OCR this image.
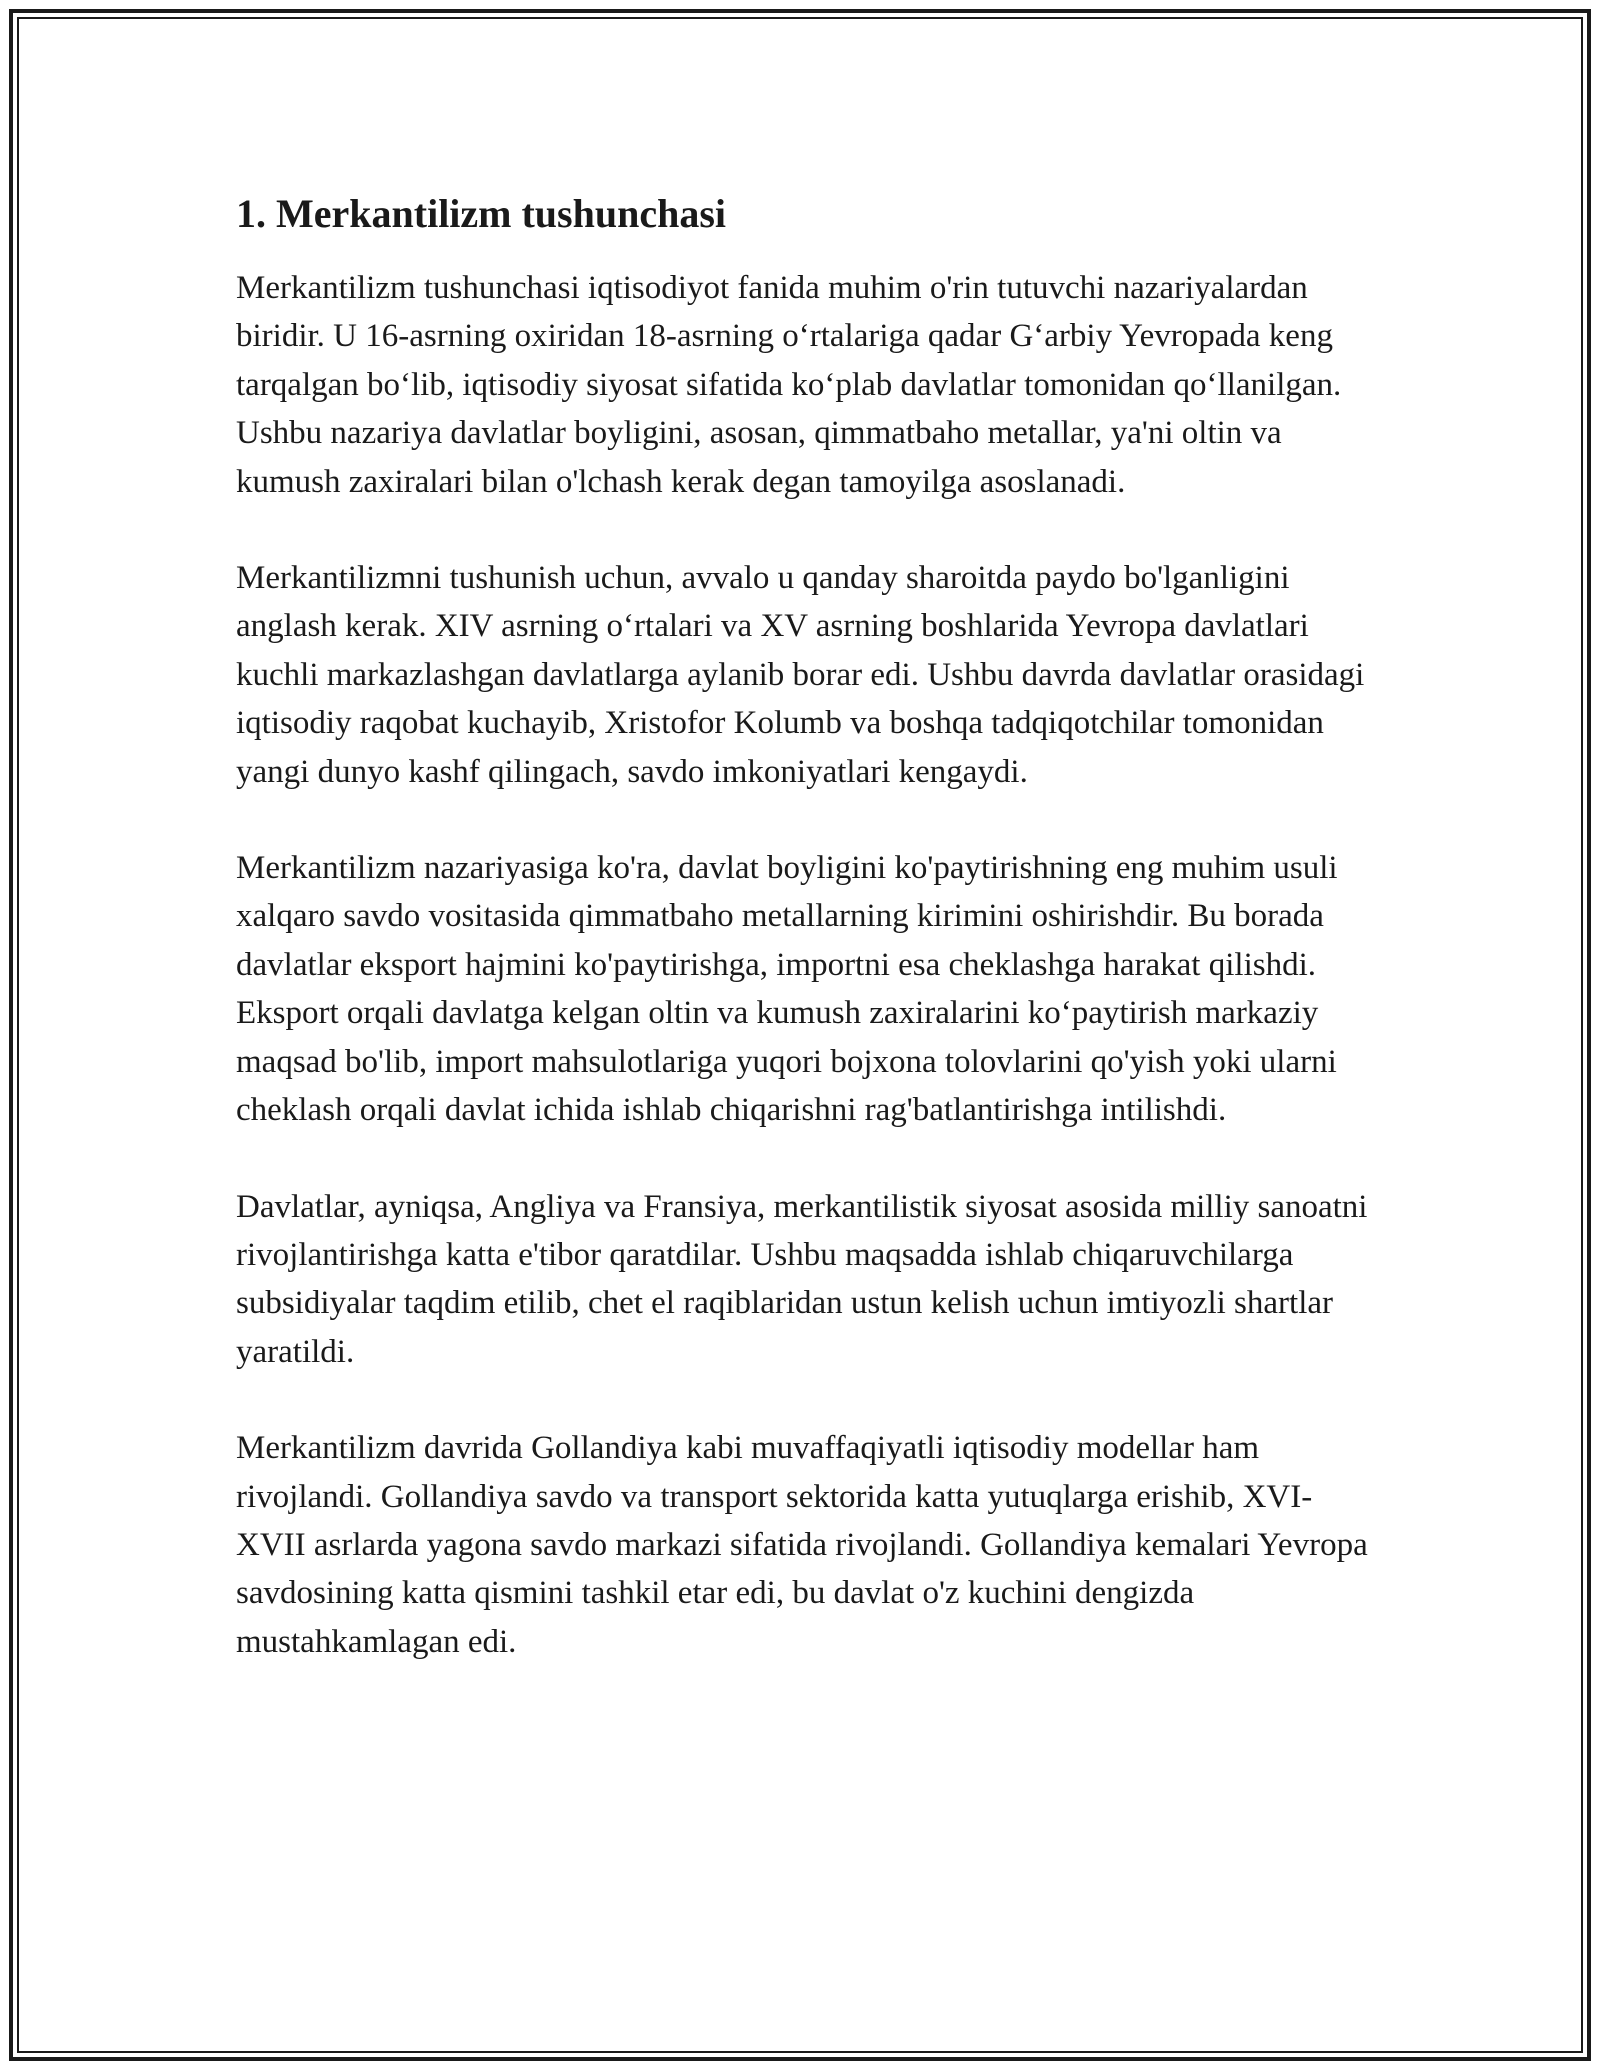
1. Merkantilizm tushunchasi

Merkantilizm tushunchasi iqtisodiyot fanida muhim o'rin tutuvchi nazariyalardan biridir. U 16-asrning oxiridan 18-asrning o‘rtalariga qadar G‘arbiy Yevropada keng tarqalgan bo‘lib, iqtisodiy siyosat sifatida ko‘plab davlatlar tomonidan qo‘llanilgan. Ushbu nazariya davlatlar boyligini, asosan, qimmatbaho metallar, ya'ni oltin va kumush zaxiralari bilan o'lchash kerak degan tamoyilga asoslanadi.

Merkantilizmni tushunish uchun, avvalo u qanday sharoitda paydo bo'lganligini anglash kerak. XIV asrning o‘rtalari va XV asrning boshlarida Yevropa davlatlari kuchli markazlashgan davlatlarga aylanib borar edi. Ushbu davrda davlatlar orasidagi iqtisodiy raqobat kuchayib, Xristofor Kolumb va boshqa tadqiqotchilar tomonidan yangi dunyo kashf qilingach, savdo imkoniyatlari kengaydi.

Merkantilizm nazariyasiga ko'ra, davlat boyligini ko'paytirishning eng muhim usuli xalqaro savdo vositasida qimmatbaho metallarning kirimini oshirishdir. Bu borada davlatlar eksport hajmini ko'paytirishga, importni esa cheklashga harakat qilishdi. Eksport orqali davlatga kelgan oltin va kumush zaxiralarini ko‘paytirish markaziy maqsad bo'lib, import mahsulotlariga yuqori bojxona tolovlarini qo'yish yoki ularni cheklash orqali davlat ichida ishlab chiqarishni rag'batlantirishga intilishdi.

Davlatlar, ayniqsa, Angliya va Fransiya, merkantilistik siyosat asosida milliy sanoatni rivojlantirishga katta e'tibor qaratdilar. Ushbu maqsadda ishlab chiqaruvchilarga subsidiyalar taqdim etilib, chet el raqiblaridan ustun kelish uchun imtiyozli shartlar yaratildi.

Merkantilizm davrida Gollandiya kabi muvaffaqiyatli iqtisodiy modellar ham rivojlandi. Gollandiya savdo va transport sektorida katta yutuqlarga erishib, XVI-XVII asrlarda yagona savdo markazi sifatida rivojlandi. Gollandiya kemalari Yevropa savdosining katta qismini tashkil etar edi, bu davlat o'z kuchini dengizda mustahkamlagan edi.
